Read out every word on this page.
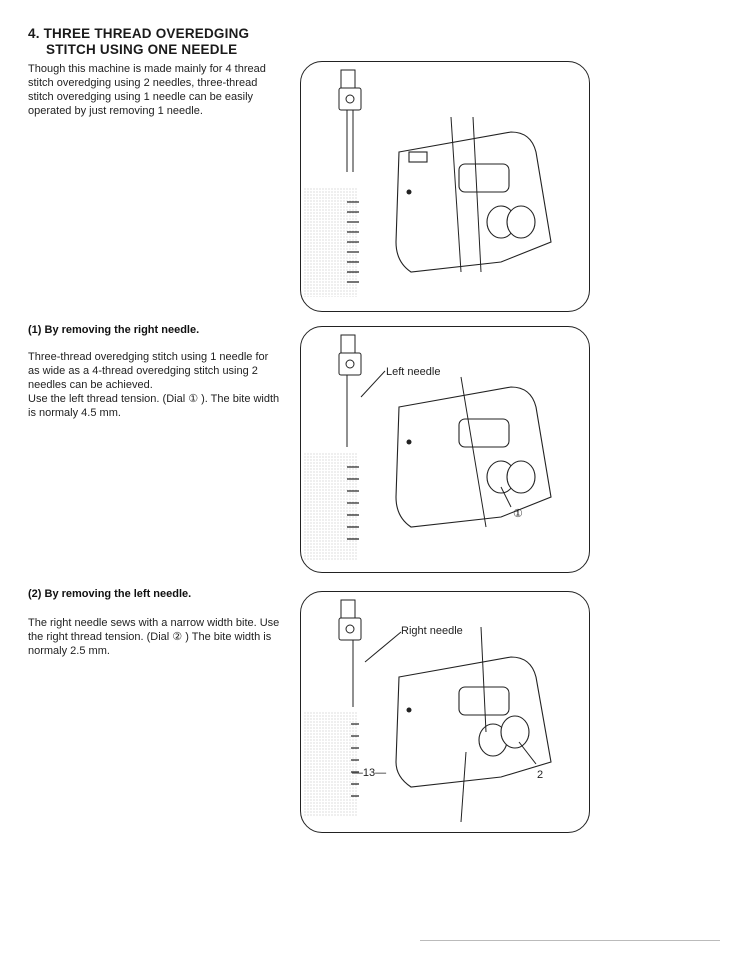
4. THREE THREAD OVEREDGING
STITCH USING ONE NEEDLE
Though this machine is made mainly for 4 thread stitch overedging using 2 needles, three-thread stitch overedging using 1 needle can be easily operated by just removing 1 needle.
(1) By removing the right needle.
Three-thread overedging stitch using 1 needle for as wide as a 4-thread overedging stitch using 2 needles can be achieved.
Use the left thread tension. (Dial ① ). The bite width is normaly 4.5 mm.
(2) By removing the left needle.
The right needle sews with a narrow width bite. Use the right thread tension. (Dial ② ) The bite width is normaly 2.5 mm.
Left needle
①
Right needle
2
—13—
